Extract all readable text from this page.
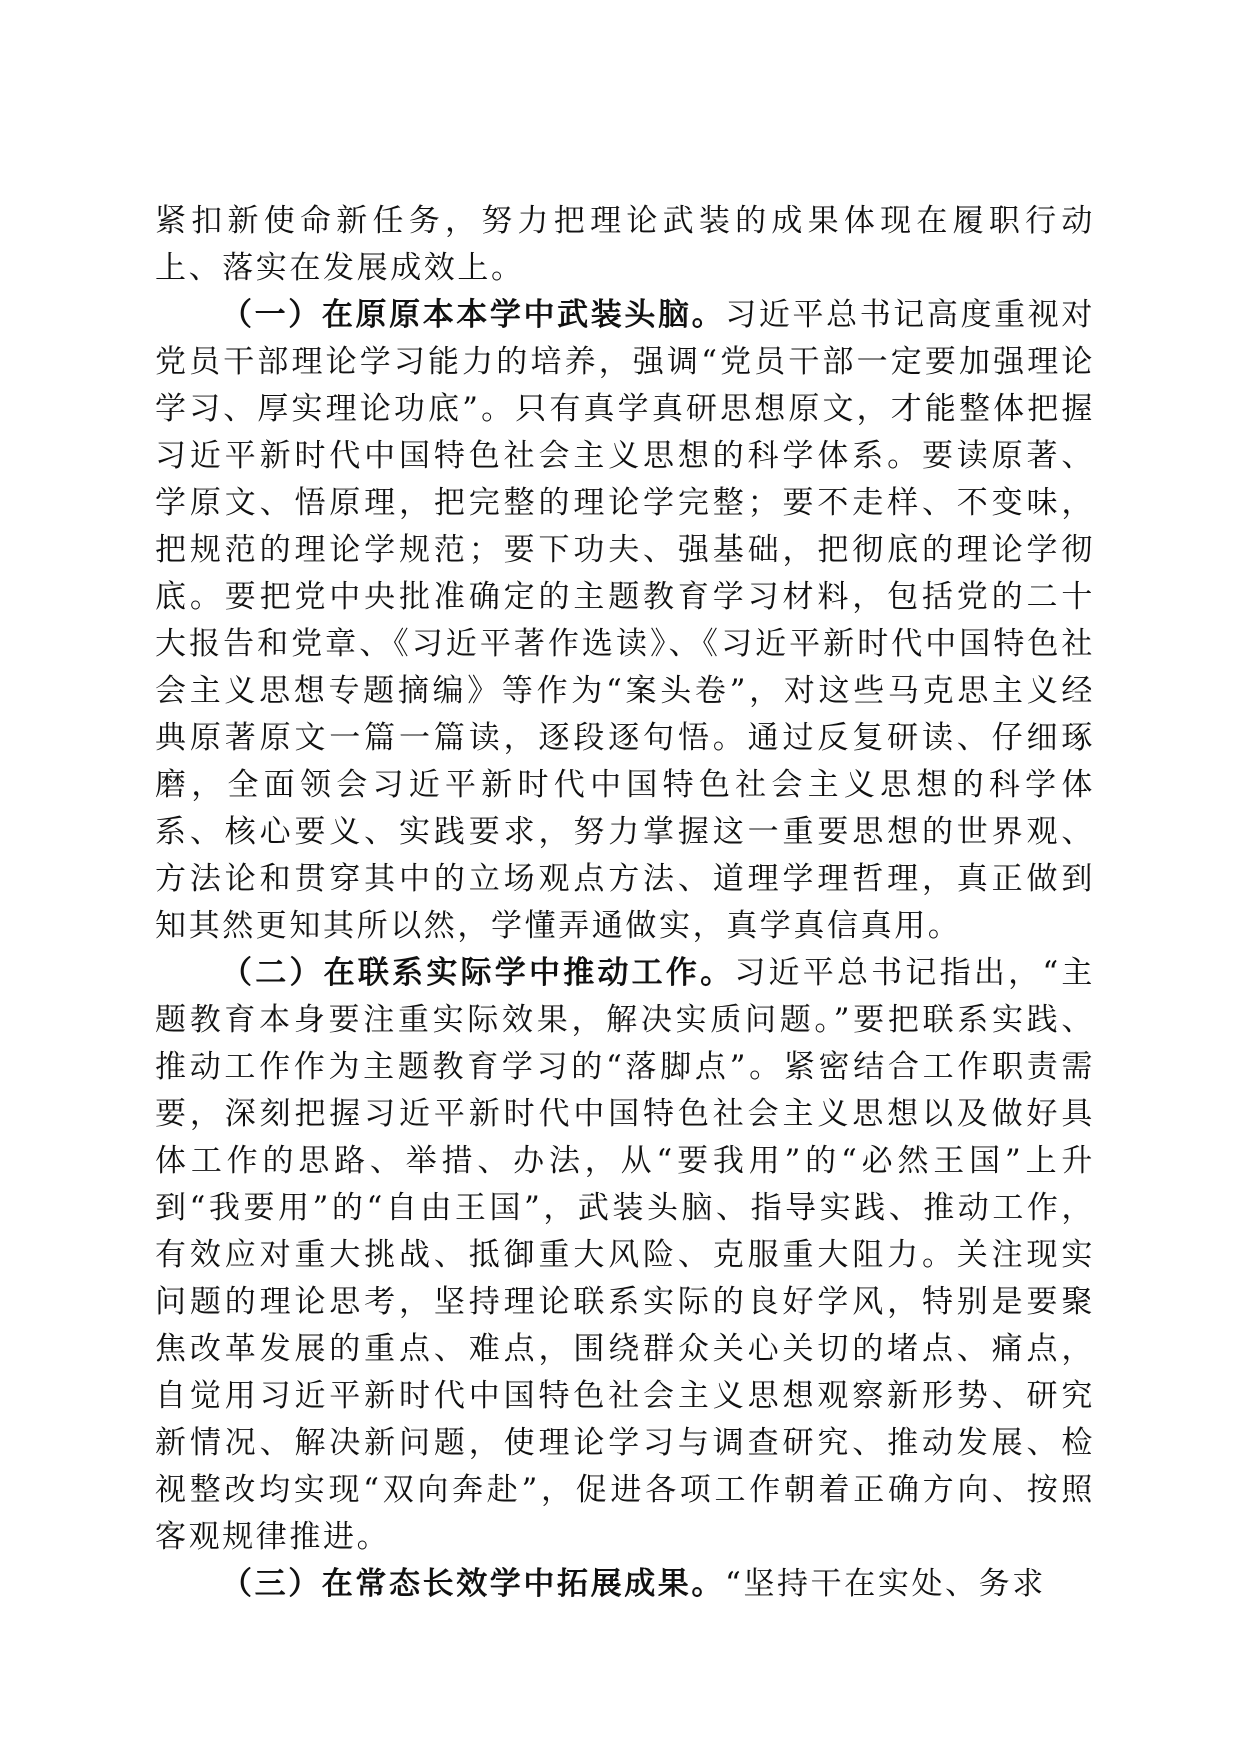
紧扣新使命新任务，努力把理论武装的成果体现在履职行动上、落实在发展成效上。

（一）在原原本本学中武装头脑。习近平总书记高度重视对党员干部理论学习能力的培养，强调“党员干部一定要加强理论学习、厚实理论功底”。只有真学真研思想原文，才能整体把握习近平新时代中国特色社会主义思想的科学体系。要读原著、学原文、悟原理，把完整的理论学完整；要不走样、不变味，把规范的理论学规范；要下功夫、强基础，把彻底的理论学彻底。要把党中央批准确定的主题教育学习材料，包括党的二十大报告和党章、《习近平著作选读》、《习近平新时代中国特色社会主义思想专题摘编》等作为“案头卷”，对这些马克思主义经典原著原文一篇一篇读，逐段逐句悟。通过反复研读、仔细琢磨，全面领会习近平新时代中国特色社会主义思想的科学体系、核心要义、实践要求，努力掌握这一重要思想的世界观、方法论和贯穿其中的立场观点方法、道理学理哲理，真正做到知其然更知其所以然，学懂弄通做实，真学真信真用。

（二）在联系实际学中推动工作。习近平总书记指出，“主题教育本身要注重实际效果，解决实质问题。”要把联系实践、推动工作作为主题教育学习的“落脚点”。紧密结合工作职责需要，深刻把握习近平新时代中国特色社会主义思想以及做好具体工作的思路、举措、办法，从“要我用”的“必然王国”上升到“我要用”的“自由王国”，武装头脑、指导实践、推动工作，有效应对重大挑战、抵御重大风险、克服重大阻力。关注现实问题的理论思考，坚持理论联系实际的良好学风，特别是要聚焦改革发展的重点、难点，围绕群众关心关切的堵点、痛点，自觉用习近平新时代中国特色社会主义思想观察新形势、研究新情况、解决新问题，使理论学习与调查研究、推动发展、检视整改均实现“双向奔赴”，促进各项工作朝着正确方向、按照客观规律推进。

（三）在常态长效学中拓展成果。“坚持干在实处、务求
